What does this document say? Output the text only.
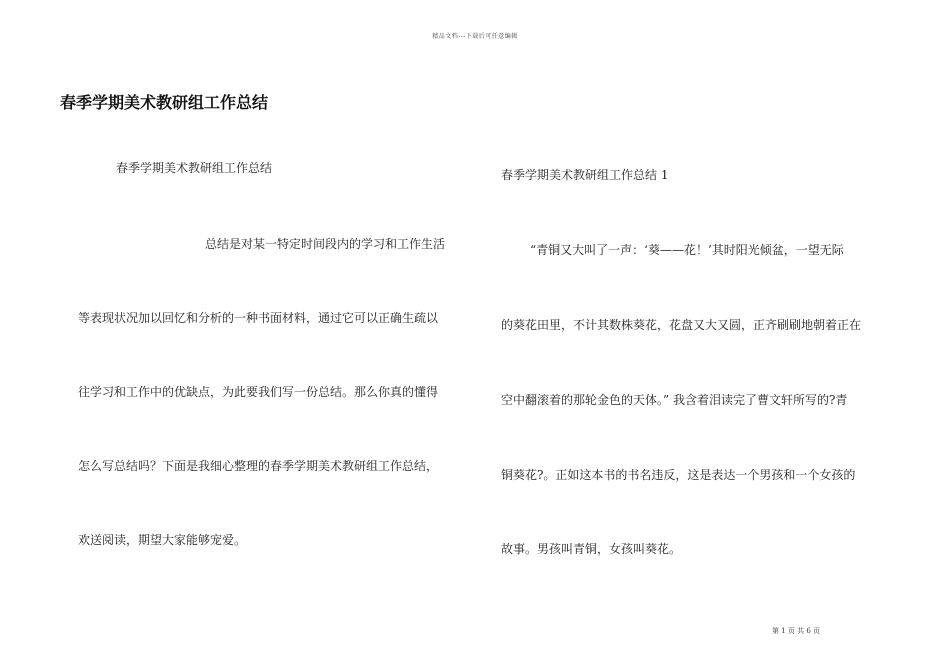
精品文档---下载后可任意编辑
春季学期美术教研组工作总结
春季学期美术教研组工作总结
总结是对某一特定时间段内的学习和工作生活
等表现状况加以回忆和分析的一种书面材料，通过它可以正确生疏以
往学习和工作中的优缺点，为此要我们写一份总结。那么你真的懂得
怎么写总结吗？下面是我细心整理的春季学期美术教研组工作总结，
欢送阅读，期望大家能够宠爱。
春季学期美术教研组工作总结 1
“青铜又大叫了一声：‘葵——花！’其时阳光倾盆，一望无际
的葵花田里，不计其数株葵花，花盘又大又圆，正齐刷刷地朝着正在
空中翻滚着的那轮金色的天体。” 我含着泪读完了曹文轩所写的?青
铜葵花?。正如这本书的书名违反，这是表达一个男孩和一个女孩的
故事。男孩叫青铜，女孩叫葵花。
第 1 页 共 6 页
